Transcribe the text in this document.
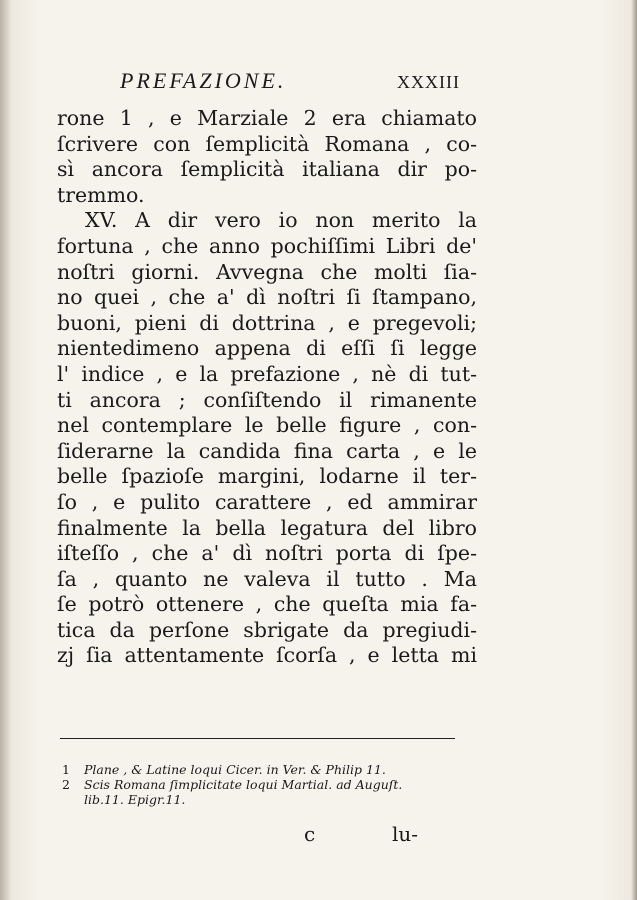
PREFAZIONE.	XXXIII
rone 1 , e Marziale 2 era chiamato
ſcrivere con ſemplicità Romana , co-
sì ancora ſemplicità italiana dir po-
tremmo.
XV. A dir vero io non merito la
fortuna , che anno pochiſſimi Libri de'
noſtri giorni. Avvegna che molti ſia-
no quei , che a' dì noſtri ſi ſtampano,
buoni, pieni di dottrina , e pregevoli;
nientedimeno appena di eſſi ſi legge
l' indice , e la prefazione , nè di tut-
ti ancora ; conſiſtendo il rimanente
nel contemplare le belle figure , con-
ſiderarne la candida fina carta , e le
belle ſpazioſe margini, lodarne il ter-
ſo , e pulito carattere , ed ammirar
finalmente la bella legatura del libro
iſteſſo , che a' dì noſtri porta di ſpe-
ſa , quanto ne valeva il tutto . Ma
ſe potrò ottenere , che queſta mia fa-
tica da perſone sbrigate da pregiudi-
zj ſia attentamente ſcorſa , e letta mi
1 Plane , & Latine loqui Cicer. in Ver. & Philip 11.
2 Scis Romana ſimplicitate loqui Martial. ad Auguſt.
lib.11. Epigr.11.
c	lu-
